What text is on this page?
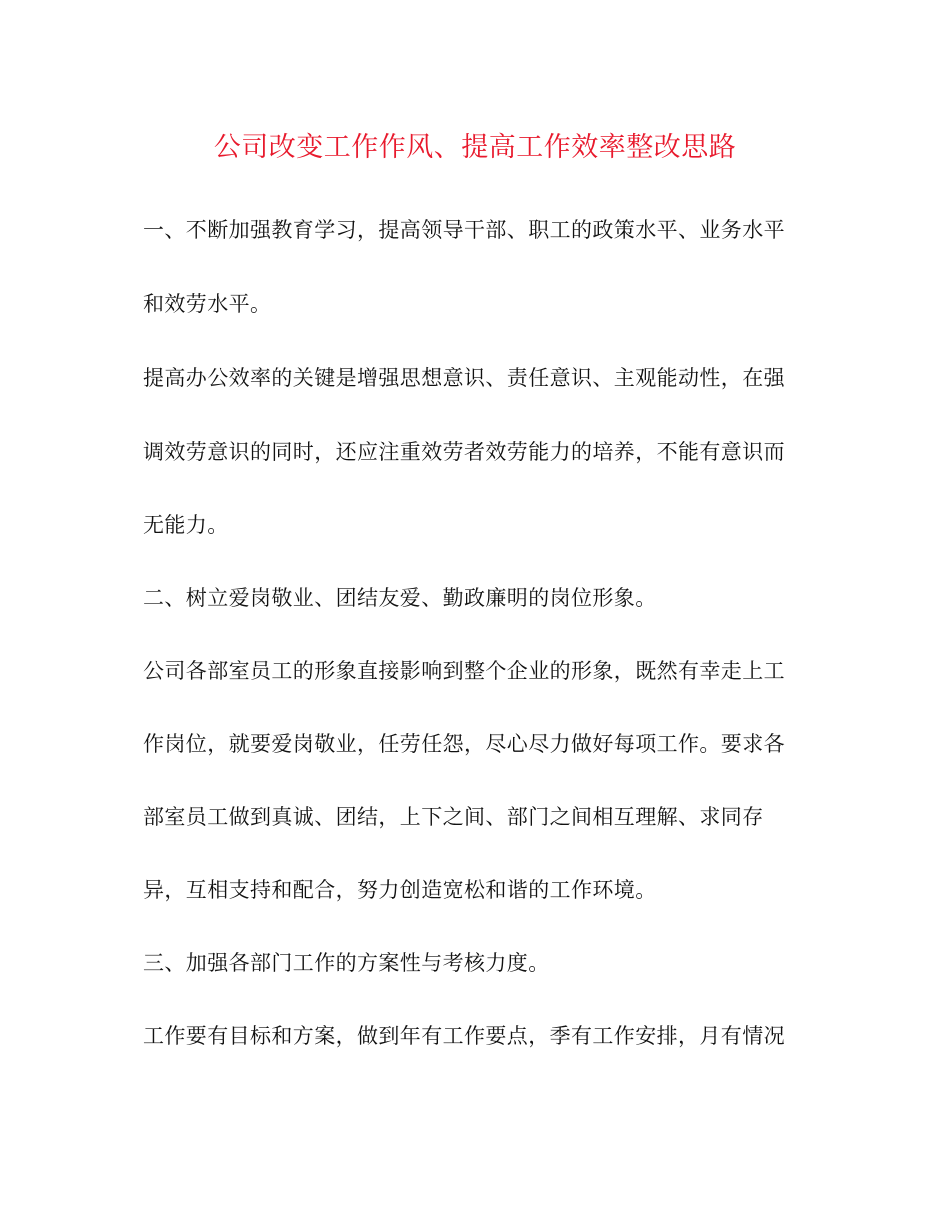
公司改变工作作风、提高工作效率整改思路
一、不断加强教育学习，提高领导干部、职工的政策水平、业务水平
和效劳水平。
提高办公效率的关键是增强思想意识、责任意识、主观能动性，在强
调效劳意识的同时，还应注重效劳者效劳能力的培养，不能有意识而
无能力。
二、树立爱岗敬业、团结友爱、勤政廉明的岗位形象。
公司各部室员工的形象直接影响到整个企业的形象，既然有幸走上工
作岗位，就要爱岗敬业，任劳任怨，尽心尽力做好每项工作。要求各
部室员工做到真诚、团结，上下之间、部门之间相互理解、求同存
异，互相支持和配合，努力创造宽松和谐的工作环境。
三、加强各部门工作的方案性与考核力度。
工作要有目标和方案，做到年有工作要点，季有工作安排，月有情况
